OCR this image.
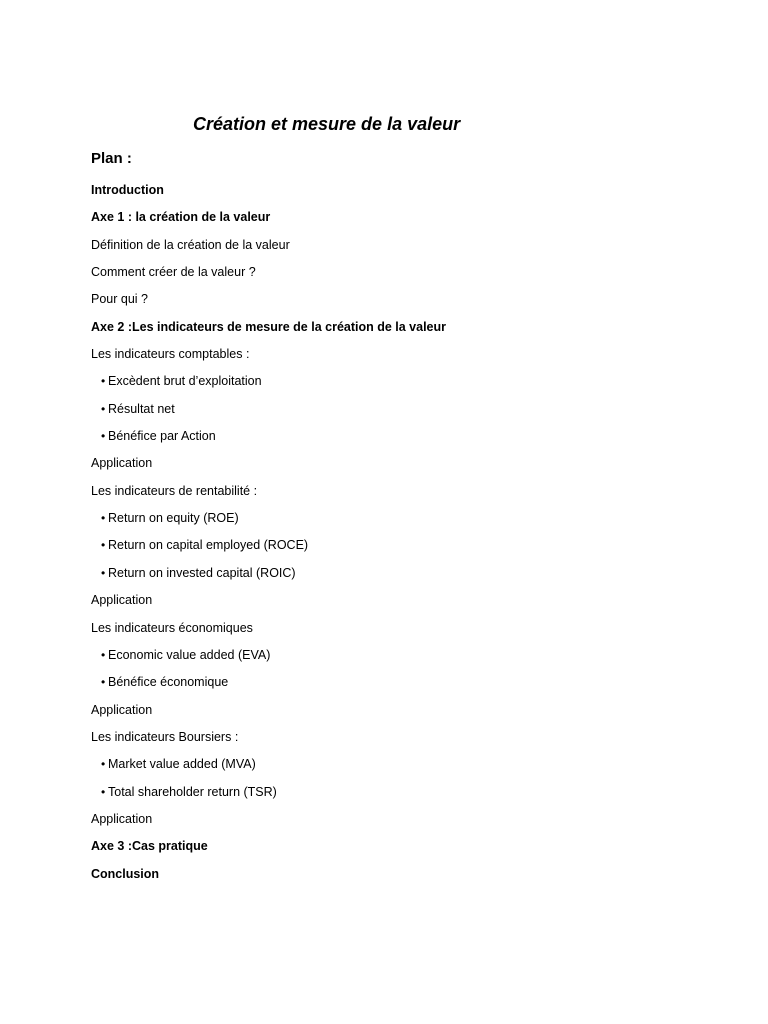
Création et mesure de la valeur
Plan :
Introduction
Axe 1 : la création de la valeur
Définition de la création de la valeur
Comment créer de la valeur ?
Pour qui ?
Axe 2 :Les indicateurs de mesure de la création de la valeur
Les indicateurs comptables :
• Excèdent brut d’exploitation
• Résultat net
• Bénéfice par Action
Application
Les indicateurs de rentabilité :
• Return on equity (ROE)
• Return on capital employed (ROCE)
• Return on invested capital (ROIC)
Application
Les indicateurs économiques
• Economic value added (EVA)
• Bénéfice économique
Application
Les indicateurs Boursiers :
• Market value added (MVA)
• Total shareholder return (TSR)
Application
Axe 3 :Cas pratique
Conclusion
